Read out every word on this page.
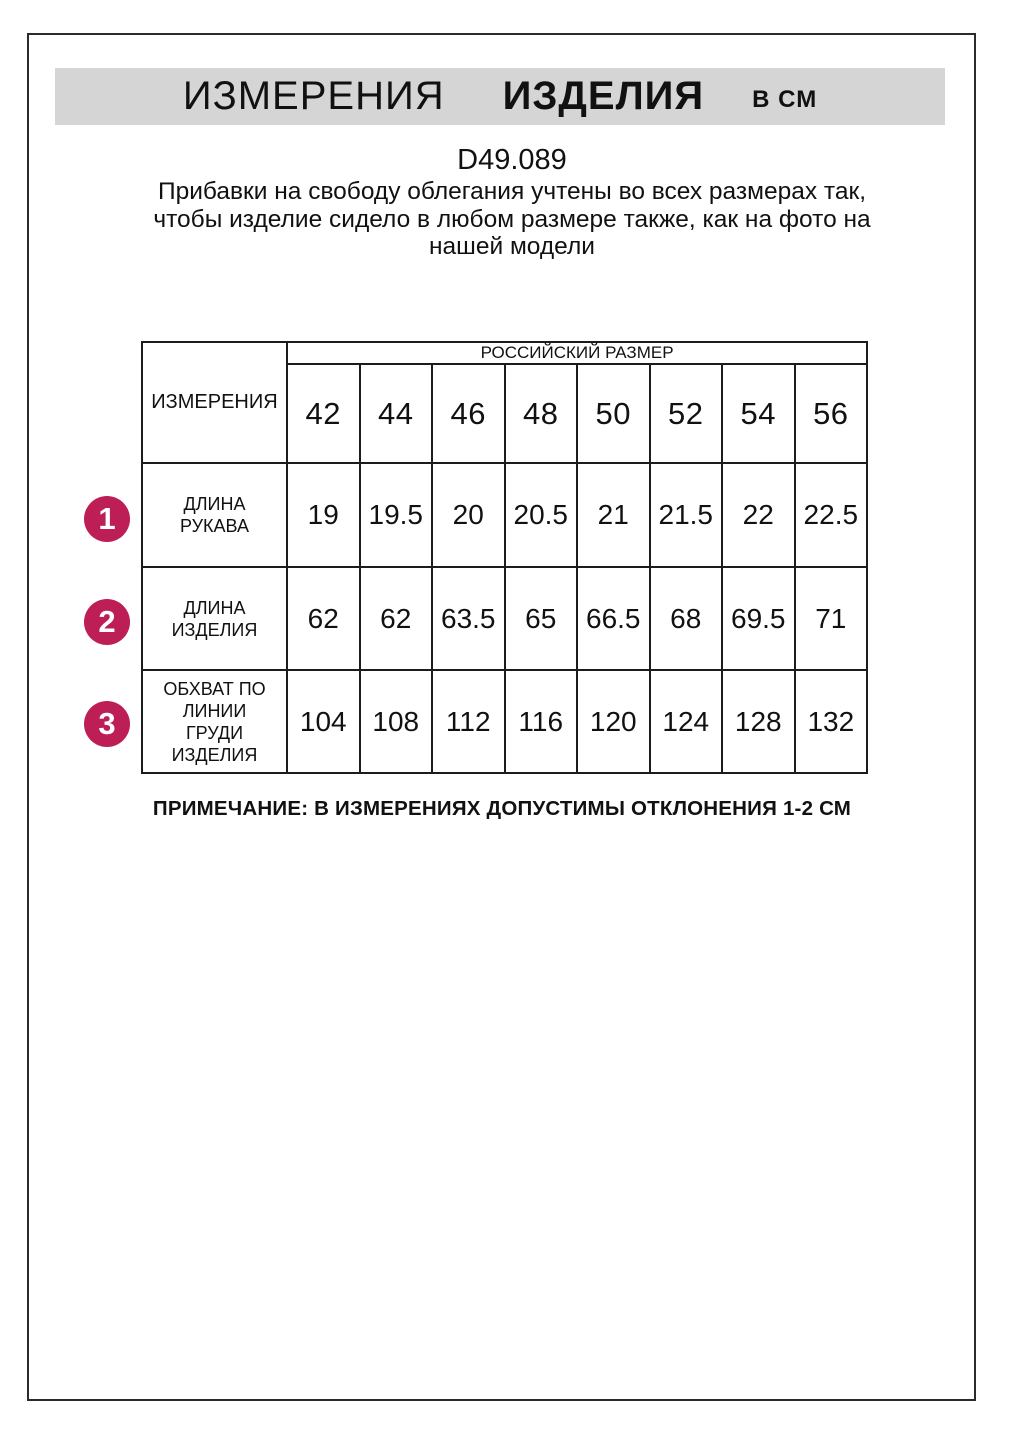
ИЗМЕРЕНИЯ ИЗДЕЛИЯ В СМ
D49.089
Прибавки на свободу облегания учтены во всех размерах так, чтобы изделие сидело в любом размере также, как на фото на нашей модели
ИЗМЕРЕНИЯ	РОССИЙСКИЙ РАЗМЕР							
	42	44	46	48	50	52	54	56
ДЛИНА РУКАВА	19	19.5	20	20.5	21	21.5	22	22.5
ДЛИНА ИЗДЕЛИЯ	62	62	63.5	65	66.5	68	69.5	71
ОБХВАТ ПО ЛИНИИ ГРУДИ ИЗДЕЛИЯ	104	108	112	116	120	124	128	132
1
2
3
ПРИМЕЧАНИЕ: В ИЗМЕРЕНИЯХ ДОПУСТИМЫ ОТКЛОНЕНИЯ 1-2 СМ
